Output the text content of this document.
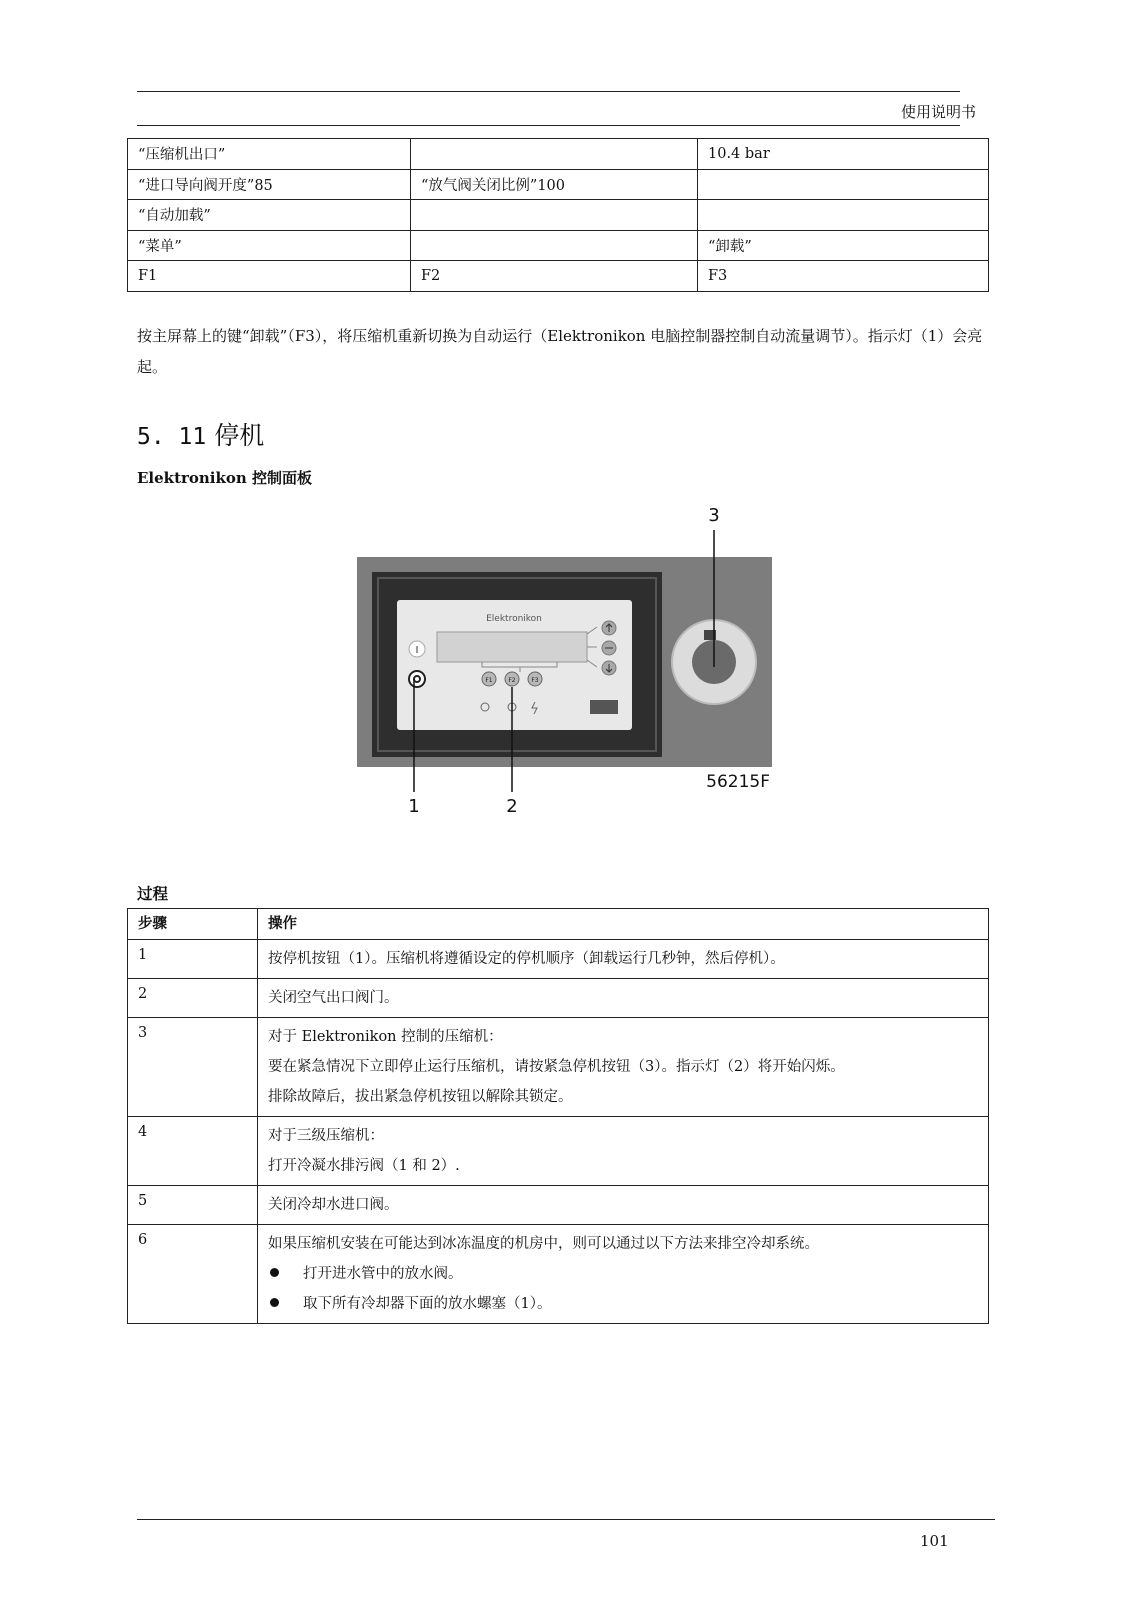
使用说明书
“压缩机出口”		10.4 bar
“进口导向阀开度”85	“放气阀关闭比例”100	
“自动加载”		
“菜单”		“卸载”
F1	F2	F3
按主屏幕上的键“卸载”（F3），将压缩机重新切换为自动运行（Elektronikon 电脑控制器控制自动流量调节）。指示灯（1）会亮起。
5. 11 停机
Elektronikon 控制面板
Elektronikon
I
F1	F2	F3
1	2
3
56215F
过程
步骤	操作
1	按停机按钮（1）。压缩机将遵循设定的停机顺序（卸载运行几秒钟，然后停机）。

2	关闭空气出口阀门。

3	对于 Elektronikon 控制的压缩机：
要在紧急情况下立即停止运行压缩机，请按紧急停机按钮（3）。指示灯（2）将开始闪烁。
排除故障后，拔出紧急停机按钮以解除其锁定。

4	对于三级压缩机：
打开冷凝水排污阀（1 和 2）.

5	关闭冷却水进口阀。

6	如果压缩机安装在可能达到冰冻温度的机房中，则可以通过以下方法来排空冷却系统。
打开进水管中的放水阀。
取下所有冷却器下面的放水螺塞（1）。
101
